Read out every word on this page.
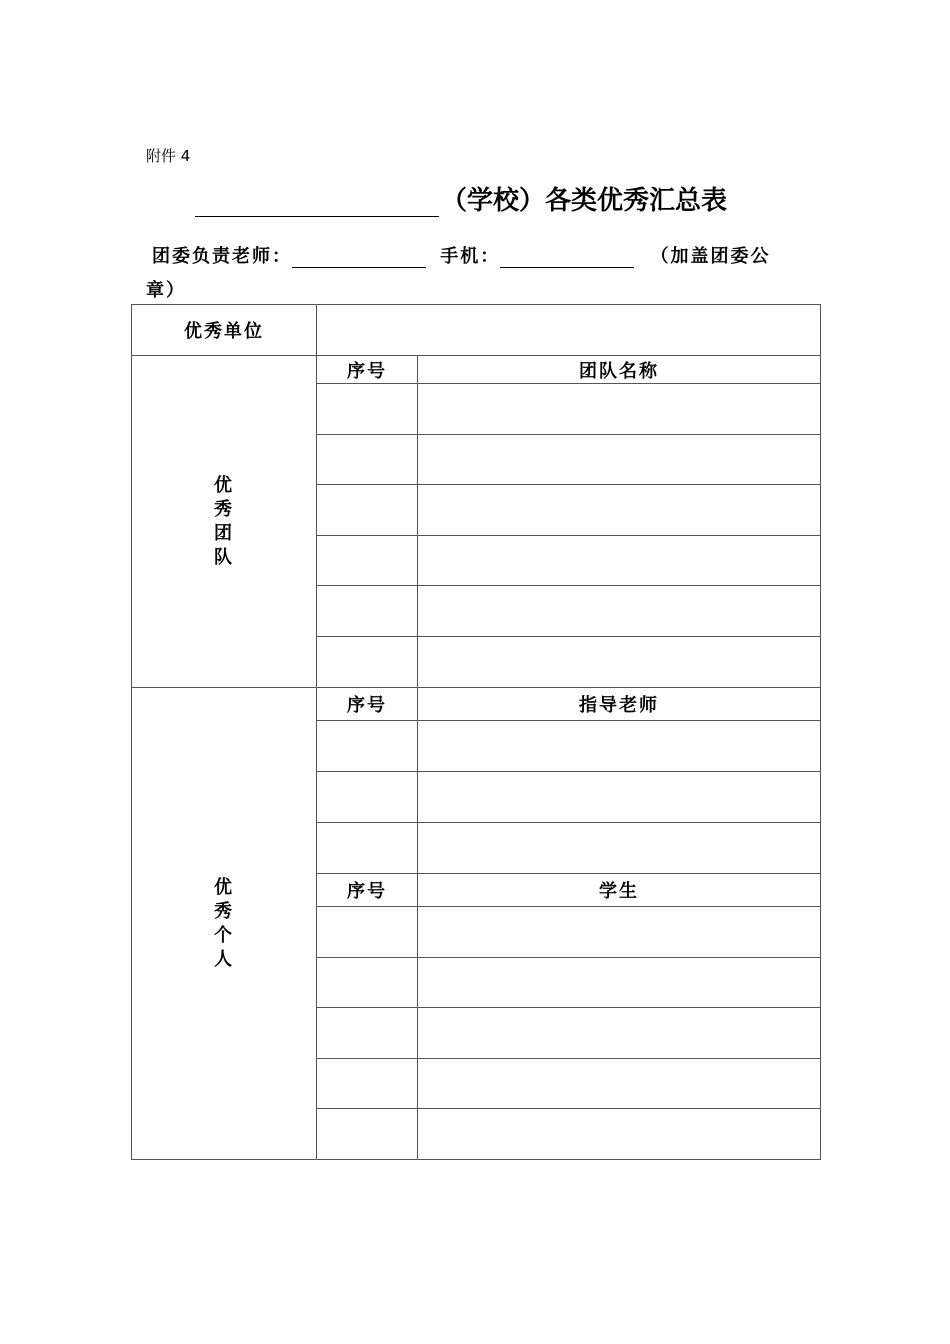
附件 4
（学校）各类优秀汇总表
团委负责老师：	手机：	（加盖团委公
章）
优秀单位		

优
秀
团
队	序号	团队名称

优
秀
个
人	序号	指导老师

	序号	学生
